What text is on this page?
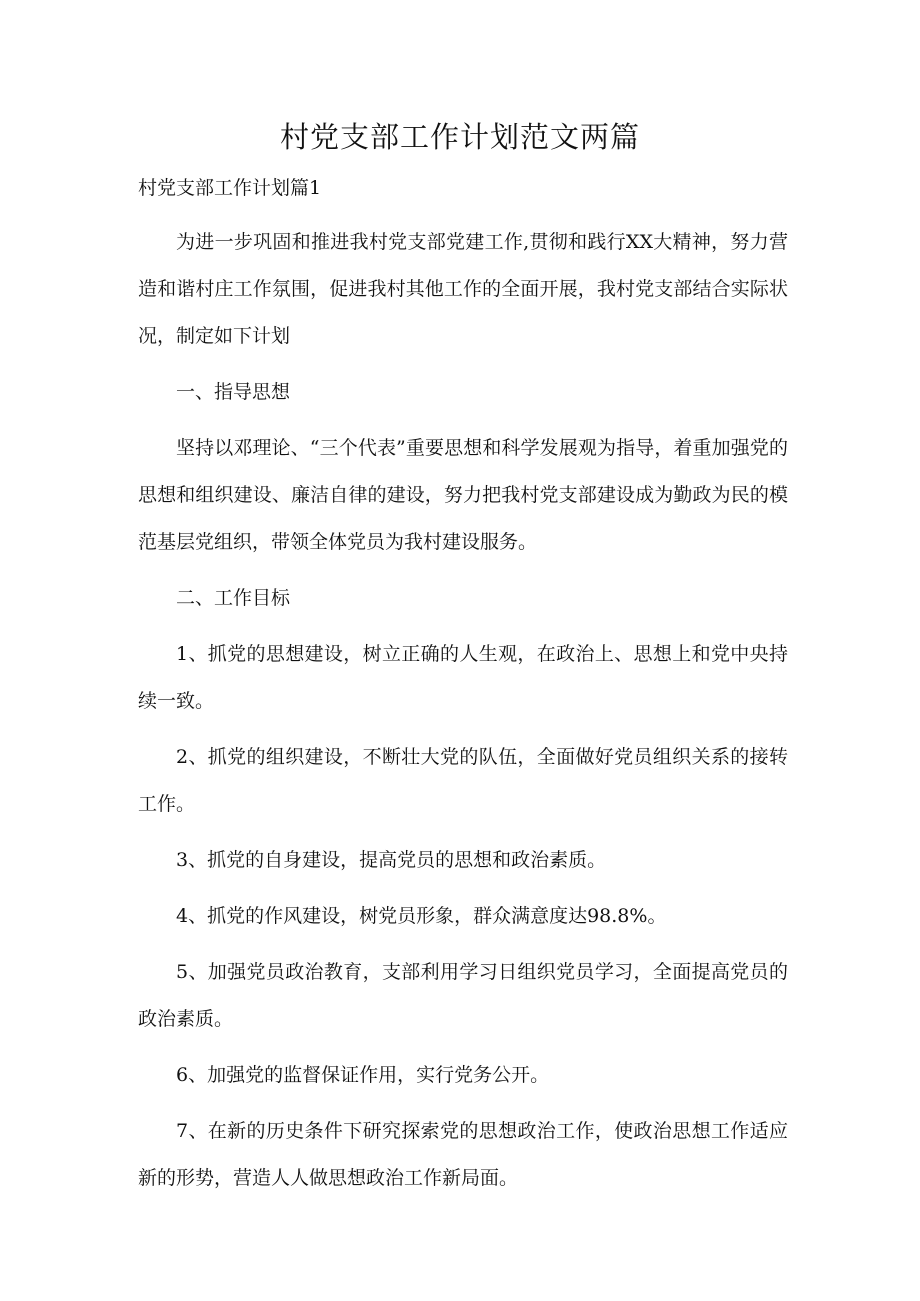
村党支部工作计划范文两篇

村党支部工作计划篇1

为进一步巩固和推进我村党支部党建工作,贯彻和践行XX大精神，努力营造和谐村庄工作氛围，促进我村其他工作的全面开展，我村党支部结合实际状况，制定如下计划

一、指导思想

坚持以邓理论、“三个代表”重要思想和科学发展观为指导，着重加强党的思想和组织建设、廉洁自律的建设，努力把我村党支部建设成为勤政为民的模范基层党组织，带领全体党员为我村建设服务。

二、工作目标

1、抓党的思想建设，树立正确的人生观，在政治上、思想上和党中央持续一致。

2、抓党的组织建设，不断壮大党的队伍，全面做好党员组织关系的接转工作。

3、抓党的自身建设，提高党员的思想和政治素质。

4、抓党的作风建设，树党员形象，群众满意度达98.8%。

5、加强党员政治教育，支部利用学习日组织党员学习，全面提高党员的政治素质。

6、加强党的监督保证作用，实行党务公开。

7、在新的历史条件下研究探索党的思想政治工作，使政治思想工作适应新的形势，营造人人做思想政治工作新局面。
